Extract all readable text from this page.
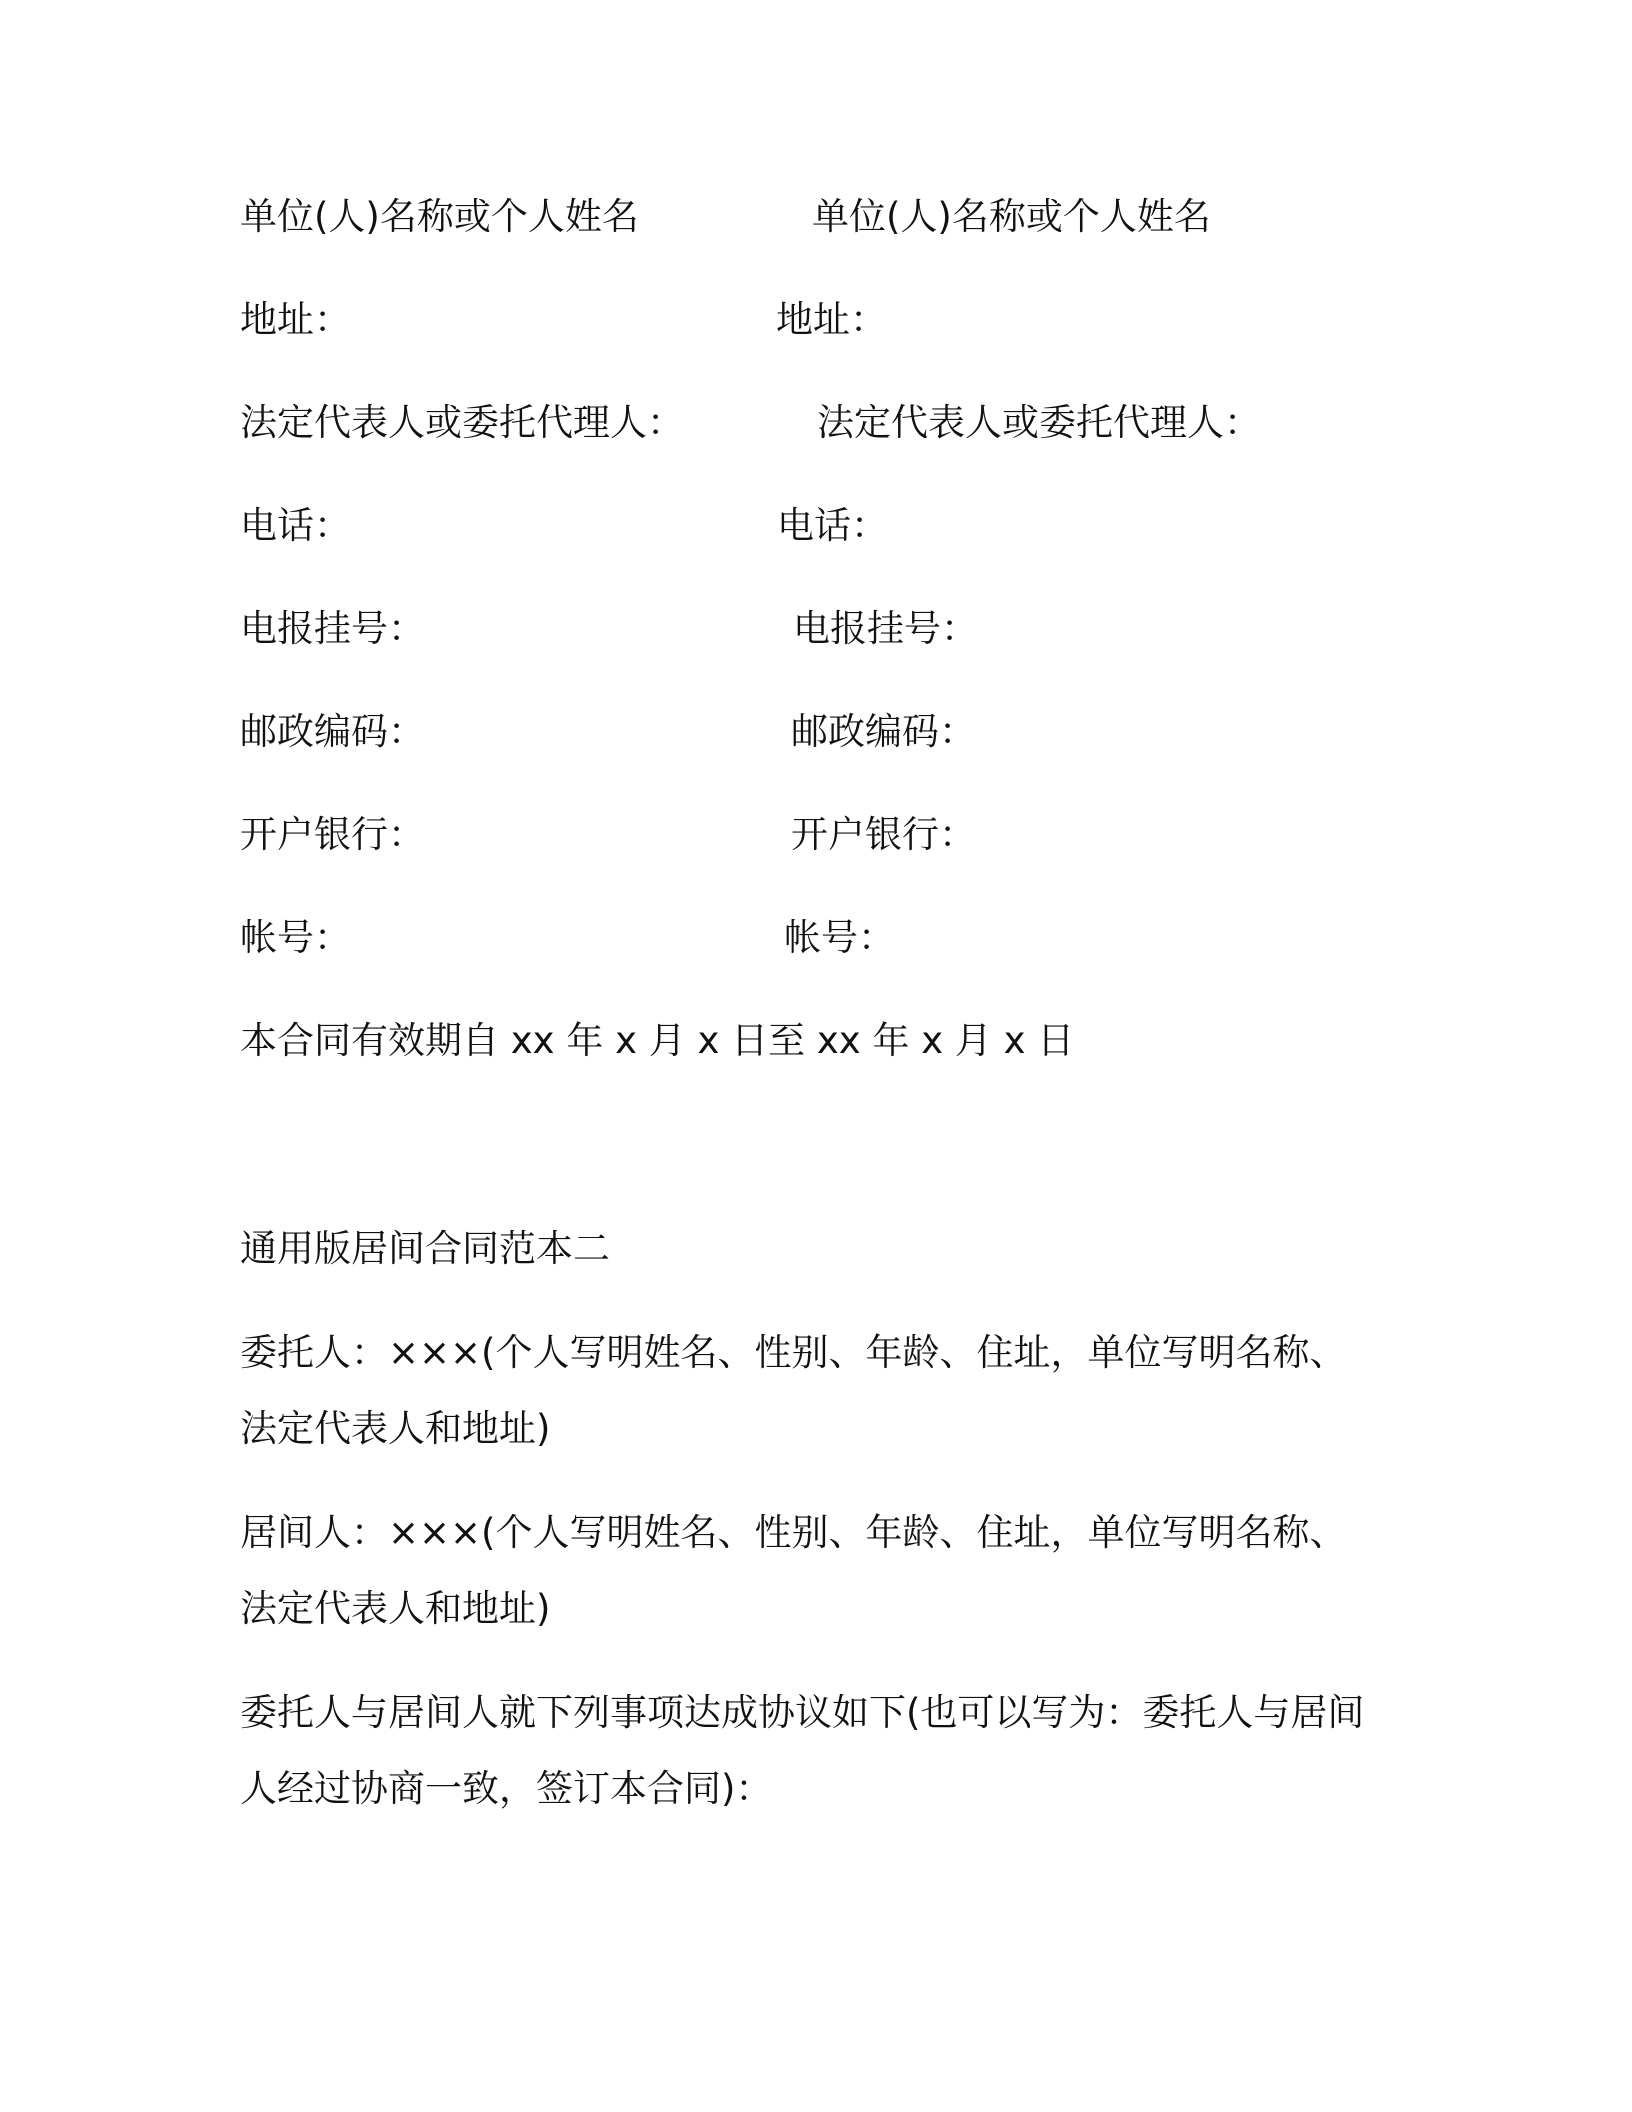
单位(人)名称或个人姓名	单位(人)名称或个人姓名
地址：	地址：
法定代表人或委托代理人：	法定代表人或委托代理人：
电话：	电话：
电报挂号：	电报挂号：
邮政编码：	邮政编码：
开户银行：	开户银行：
帐号：	帐号：
本合同有效期自 xx 年 x 月 x 日至 xx 年 x 月 x 日
通用版居间合同范本二
委托人：×××(个人写明姓名、性别、年龄、住址，单位写明名称、
法定代表人和地址)
居间人：×××(个人写明姓名、性别、年龄、住址，单位写明名称、
法定代表人和地址)
委托人与居间人就下列事项达成协议如下(也可以写为：委托人与居间
人经过协商一致，签订本合同)：
